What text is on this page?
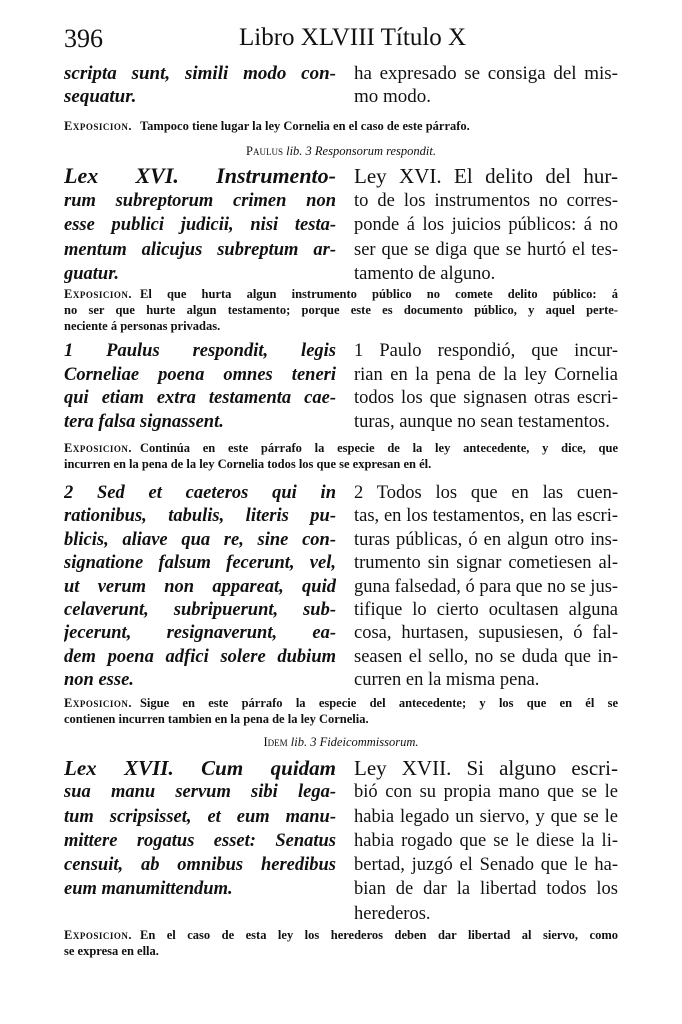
396	Libro XLVIII Título X
scripta sunt, simili modo con-
sequatur.
ha expresado se consiga del mis-
mo modo.
Exposicion. Tampoco tiene lugar la ley Cornelia en el caso de este párrafo.
Paulus lib. 3 Responsorum respondit.
Lex XVI. Instrumento-
rum subreptorum crimen non
esse publici judicii, nisi testa-
mentum alicujus subreptum ar-
guatur.
Ley XVI. El delito del hur-
to de los instrumentos no corres-
ponde á los juicios públicos: á no
ser que se diga que se hurtó el tes-
tamento de alguno.
Exposicion. El que hurta algun instrumento público no comete delito público: á
no ser que hurte algun testamento; porque este es documento público, y aquel perte-
neciente á personas privadas.
1 Paulus respondit, legis
Corneliae poena omnes teneri
qui etiam extra testamenta cae-
tera falsa signassent.
1 Paulo respondió, que incur-
rian en la pena de la ley Cornelia
todos los que signasen otras escri-
turas, aunque no sean testamentos.
Exposicion. Continúa en este párrafo la especie de la ley antecedente, y dice, que
incurren en la pena de la ley Cornelia todos los que se expresan en él.
2 Sed et caeteros qui in
rationibus, tabulis, literis pu-
blicis, aliave qua re, sine con-
signatione falsum fecerunt, vel,
ut verum non appareat, quid
celaverunt, subripuerunt, sub-
jecerunt, resignaverunt, ea-
dem poena adfici solere dubium
non esse.
2 Todos los que en las cuen-
tas, en los testamentos, en las escri-
turas públicas, ó en algun otro ins-
trumento sin signar cometiesen al-
guna falsedad, ó para que no se jus-
tifique lo cierto ocultasen alguna
cosa, hurtasen, supusiesen, ó fal-
seasen el sello, no se duda que in-
curren en la misma pena.
Exposicion. Sigue en este párrafo la especie del antecedente; y los que en él se
contienen incurren tambien en la pena de la ley Cornelia.
Idem lib. 3 Fideicommissorum.
Lex XVII. Cum quidam
sua manu servum sibi lega-
tum scripsisset, et eum manu-
mittere rogatus esset: Senatus
censuit, ab omnibus heredibus
eum manumittendum.
Ley XVII. Si alguno escri-
bió con su propia mano que se le
habia legado un siervo, y que se le
habia rogado que se le diese la li-
bertad, juzgó el Senado que le ha-
bian de dar la libertad todos los
herederos.
Exposicion. En el caso de esta ley los herederos deben dar libertad al siervo, como
se expresa en ella.
